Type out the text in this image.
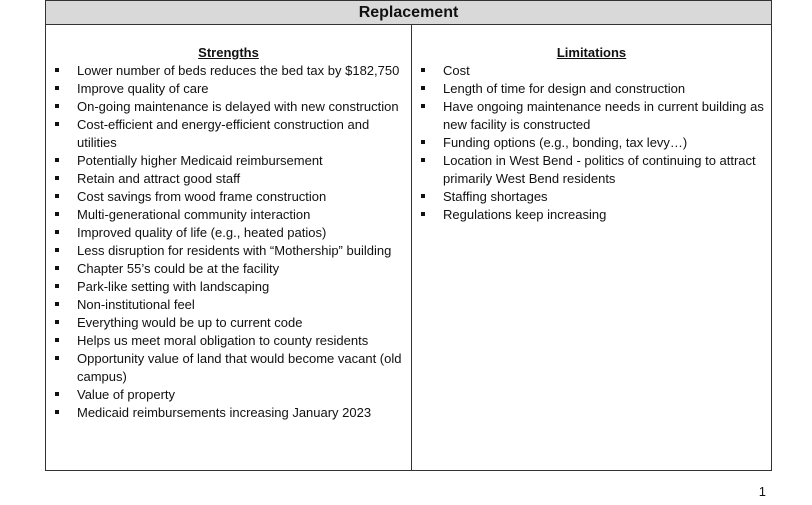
Replacement
Strengths
Lower number of beds reduces the bed tax by $182,750
Improve quality of care
On-going maintenance is delayed with new construction
Cost-efficient and energy-efficient construction and utilities
Potentially higher Medicaid reimbursement
Retain and attract good staff
Cost savings from wood frame construction
Multi-generational community interaction
Improved quality of life (e.g., heated patios)
Less disruption for residents with “Mothership” building
Chapter 55’s could be at the facility
Park-like setting with landscaping
Non-institutional feel
Everything would be up to current code
Helps us meet moral obligation to county residents
Opportunity value of land that would become vacant (old campus)
Value of property
Medicaid reimbursements increasing January 2023
Limitations
Cost
Length of time for design and construction
Have ongoing maintenance needs in current building as new facility is constructed
Funding options (e.g., bonding, tax levy…)
Location in West Bend - politics of continuing to attract primarily West Bend residents
Staffing shortages
Regulations keep increasing
1
